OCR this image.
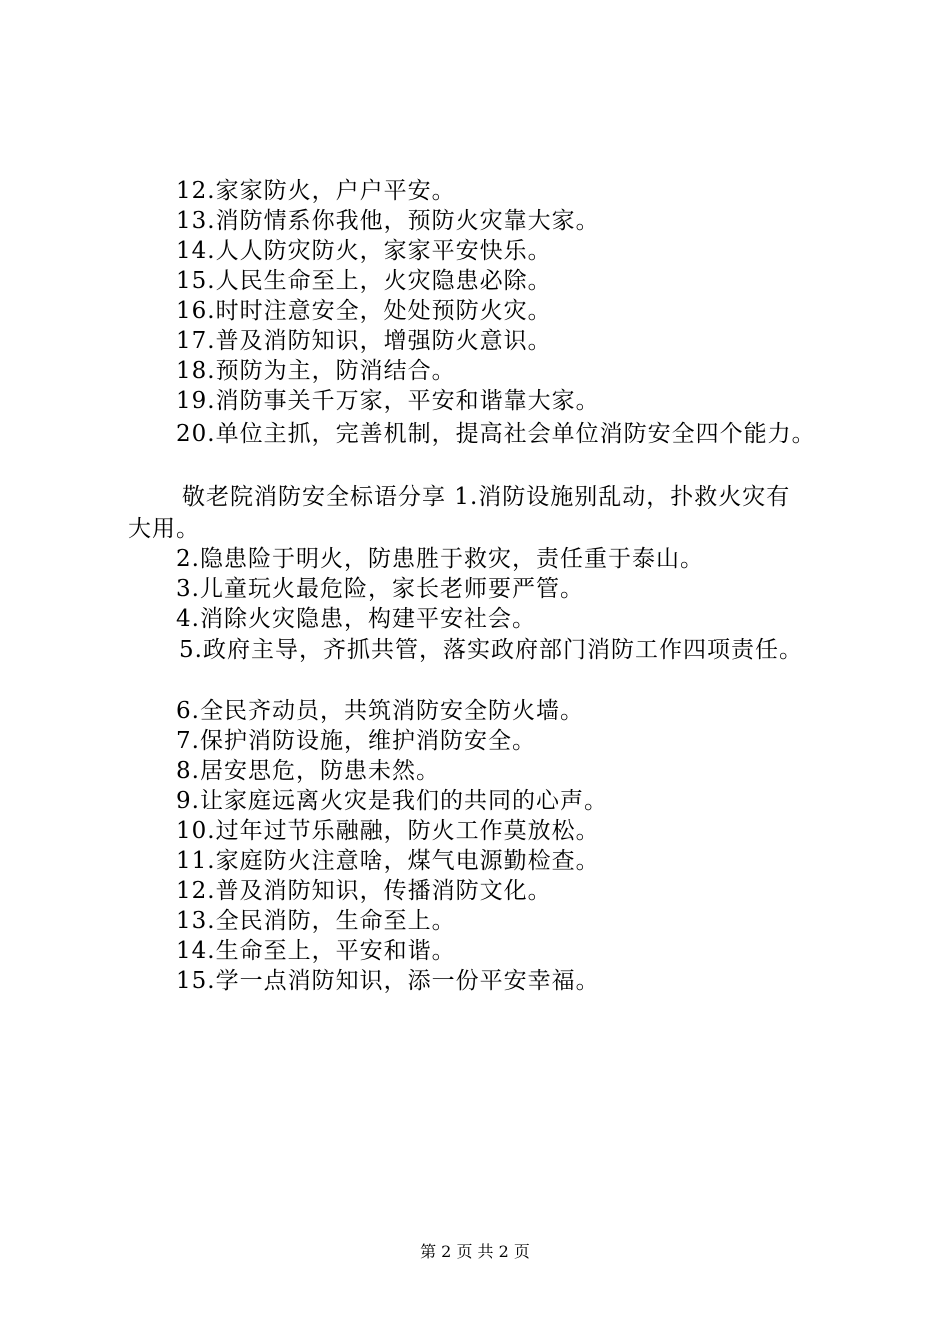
12.家家防火，户户平安。
13.消防情系你我他，预防火灾靠大家。
14.人人防灾防火，家家平安快乐。
15.人民生命至上，火灾隐患必除。
16.时时注意安全，处处预防火灾。
17.普及消防知识，增强防火意识。
18.预防为主，防消结合。
19.消防事关千万家，平安和谐靠大家。
20.单位主抓，完善机制，提高社会单位消防安全四个能力。
敬老院消防安全标语分享 1.消防设施别乱动，扑救火灾有
大用。
2.隐患险于明火，防患胜于救灾，责任重于泰山。
3.儿童玩火最危险，家长老师要严管。
4.消除火灾隐患，构建平安社会。
5.政府主导，齐抓共管，落实政府部门消防工作四项责任。
6.全民齐动员，共筑消防安全防火墙。
7.保护消防设施，维护消防安全。
8.居安思危，防患未然。
9.让家庭远离火灾是我们的共同的心声。
10.过年过节乐融融，防火工作莫放松。
11.家庭防火注意啥，煤气电源勤检查。
12.普及消防知识，传播消防文化。
13.全民消防，生命至上。
14.生命至上，平安和谐。
15.学一点消防知识，添一份平安幸福。
第 2 页 共 2 页
